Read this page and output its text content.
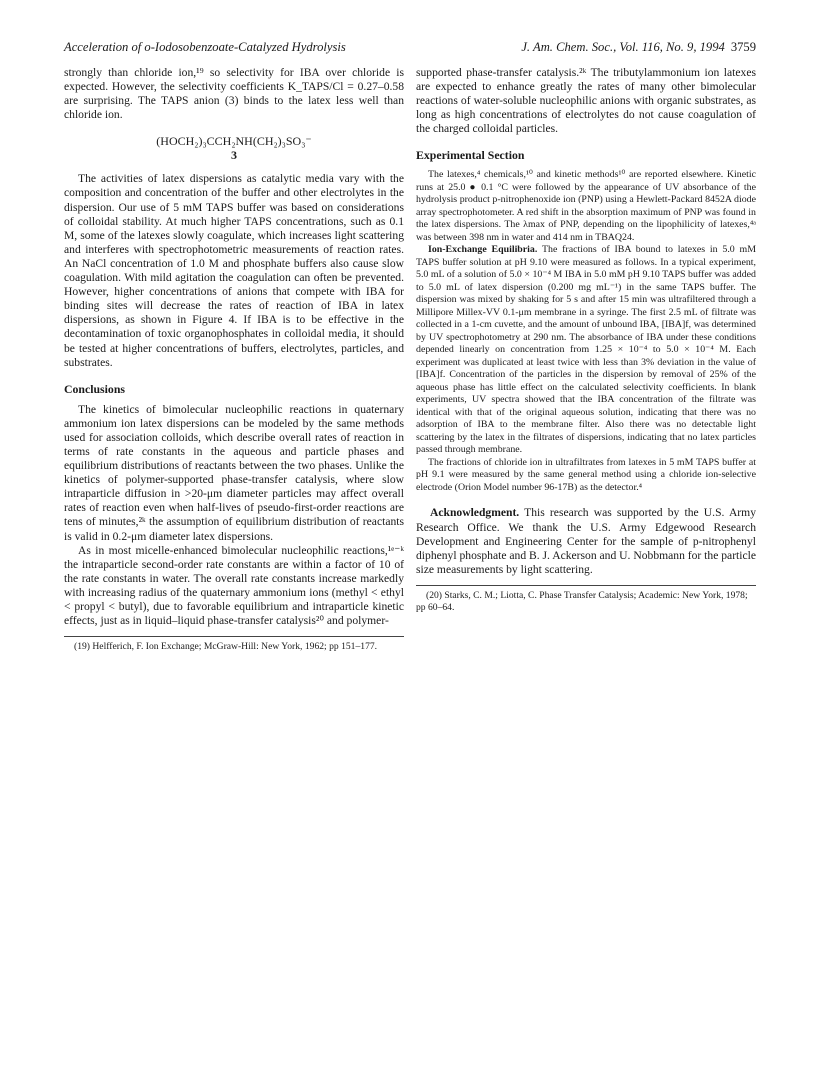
Acceleration of o-Iodosobenzoate-Catalyzed Hydrolysis	J. Am. Chem. Soc., Vol. 116, No. 9, 1994 3759

strongly than chloride ion,¹⁹ so selectivity for IBA over chloride is expected. However, the selectivity coefficients K_TAPS/Cl = 0.27–0.58 are surprising. The TAPS anion (3) binds to the latex less well than chloride ion.

(HOCH₂)₃CCH₂NH(CH₂)₃SO₃⁻
3

The activities of latex dispersions as catalytic media vary with the composition and concentration of the buffer and other electrolytes in the dispersion. Our use of 5 mM TAPS buffer was based on considerations of colloidal stability. At much higher TAPS concentrations, such as 0.1 M, some of the latexes slowly coagulate, which increases light scattering and interferes with spectrophotometric measurements of reaction rates. An NaCl concentration of 1.0 M and phosphate buffers also cause slow coagulation. With mild agitation the coagulation can often be prevented. However, higher concentrations of anions that compete with IBA for binding sites will decrease the rates of reaction of IBA in latex dispersions, as shown in Figure 4. If IBA is to be effective in the decontamination of toxic organophosphates in colloidal media, it should be tested at higher concentrations of buffers, electrolytes, particles, and substrates.

Conclusions

The kinetics of bimolecular nucleophilic reactions in quaternary ammonium ion latex dispersions can be modeled by the same methods used for association colloids, which describe overall rates of reaction in terms of rate constants in the aqueous and particle phases and equilibrium distributions of reactants between the two phases. Unlike the kinetics of polymer-supported phase-transfer catalysis, where slow intraparticle diffusion in >20-μm diameter particles may affect overall rates of reaction even when half-lives of pseudo-first-order reactions are tens of minutes,²ᵏ the assumption of equilibrium distribution of reactants is valid in 0.2-μm diameter latex dispersions.

As in most micelle-enhanced bimolecular nucleophilic reactions,¹ᵉ⁻ᵏ the intraparticle second-order rate constants are within a factor of 10 of the rate constants in water. The overall rate constants increase markedly with increasing radius of the quaternary ammonium ions (methyl < ethyl < propyl < butyl), due to favorable equilibrium and intraparticle kinetic effects, just as in liquid–liquid phase-transfer catalysis²⁰ and polymer-

(19) Helfferich, F. Ion Exchange; McGraw-Hill: New York, 1962; pp 151–177.

supported phase-transfer catalysis.²ᵏ The tributylammonium ion latexes are expected to enhance greatly the rates of many other bimolecular reactions of water-soluble nucleophilic anions with organic substrates, as long as high concentrations of electrolytes do not cause coagulation of the charged colloidal particles.

Experimental Section

The latexes,⁴ chemicals,¹⁰ and kinetic methods¹⁰ are reported elsewhere. Kinetic runs at 25.0 ● 0.1 °C were followed by the appearance of UV absorbance of the hydrolysis product p-nitrophenoxide ion (PNP) using a Hewlett-Packard 8452A diode array spectrophotometer. A red shift in the absorption maximum of PNP was found in the latex dispersions. The λmax of PNP, depending on the lipophilicity of latexes,⁴ᵃ was between 398 nm in water and 414 nm in TBAQ24.

Ion-Exchange Equilibria. The fractions of IBA bound to latexes in 5.0 mM TAPS buffer solution at pH 9.10 were measured as follows. In a typical experiment, 5.0 mL of a solution of 5.0 × 10⁻⁴ M IBA in 5.0 mM pH 9.10 TAPS buffer was added to 5.0 mL of latex dispersion (0.200 mg mL⁻¹) in the same TAPS buffer. The dispersion was mixed by shaking for 5 s and after 15 min was ultrafiltered through a Millipore Millex-VV 0.1-μm membrane in a syringe. The first 2.5 mL of filtrate was collected in a 1-cm cuvette, and the amount of unbound IBA, [IBA]f, was determined by UV spectrophotometry at 290 nm. The absorbance of IBA under these conditions depended linearly on concentration from 1.25 × 10⁻⁴ to 5.0 × 10⁻⁴ M. Each experiment was duplicated at least twice with less than 3% deviation in the value of [IBA]f. Concentration of the particles in the dispersion by removal of 25% of the aqueous phase has little effect on the calculated selectivity coefficients. In blank experiments, UV spectra showed that the IBA concentration of the filtrate was identical with that of the original aqueous solution, indicating that there was no adsorption of IBA to the membrane filter. Also there was no detectable light scattering by the latex in the filtrates of dispersions, indicating that no latex particles passed through membrane.

The fractions of chloride ion in ultrafiltrates from latexes in 5 mM TAPS buffer at pH 9.1 were measured by the same general method using a chloride ion-selective electrode (Orion Model number 96-17B) as the detector.⁴

Acknowledgment. This research was supported by the U.S. Army Research Office. We thank the U.S. Army Edgewood Research Development and Engineering Center for the sample of p-nitrophenyl diphenyl phosphate and B. J. Ackerson and U. Nobbmann for the particle size measurements by light scattering.

(20) Starks, C. M.; Liotta, C. Phase Transfer Catalysis; Academic: New York, 1978; pp 60–64.
